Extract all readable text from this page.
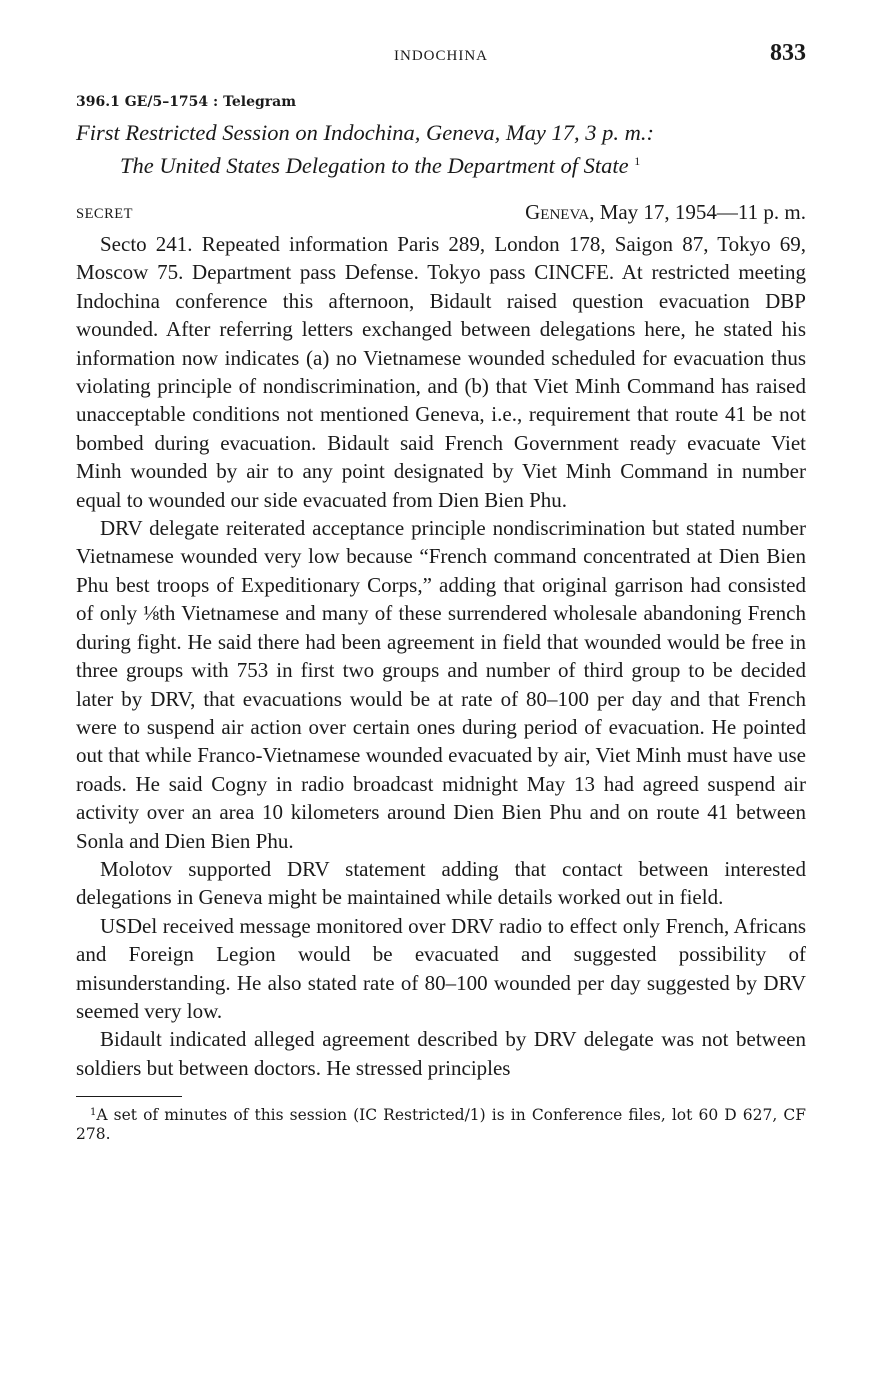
INDOCHINA	833
396.1 GE/5–1754 : Telegram
First Restricted Session on Indochina, Geneva, May 17, 3 p. m.:
The United States Delegation to the Department of State $^1$
SECRET	Geneva, May 17, 1954—11 p. m.

Secto 241. Repeated information Paris 289, London 178, Saigon 87, Tokyo 69, Moscow 75. Department pass Defense. Tokyo pass CINCFE. At restricted meeting Indochina conference this afternoon, Bidault raised question evacuation DBP wounded. After referring letters exchanged between delegations here, he stated his information now indicates (a) no Vietnamese wounded scheduled for evacuation thus violating principle of nondiscrimination, and (b) that Viet Minh Command has raised unacceptable conditions not mentioned Geneva, i.e., requirement that route 41 be not bombed during evacuation. Bidault said French Government ready evacuate Viet Minh wounded by air to any point designated by Viet Minh Command in number equal to wounded our side evacuated from Dien Bien Phu.

DRV delegate reiterated acceptance principle nondiscrimination but stated number Vietnamese wounded very low because “French command concentrated at Dien Bien Phu best troops of Expeditionary Corps,” adding that original garrison had consisted of only ⅛th Vietnamese and many of these surrendered wholesale abandoning French during fight. He said there had been agreement in field that wounded would be free in three groups with 753 in first two groups and number of third group to be decided later by DRV, that evacuations would be at rate of 80–100 per day and that French were to suspend air action over certain ones during period of evacuation. He pointed out that while Franco-Vietnamese wounded evacuated by air, Viet Minh must have use roads. He said Cogny in radio broadcast midnight May 13 had agreed suspend air activity over an area 10 kilometers around Dien Bien Phu and on route 41 between Sonla and Dien Bien Phu.

Molotov supported DRV statement adding that contact between interested delegations in Geneva might be maintained while details worked out in field.

USDel received message monitored over DRV radio to effect only French, Africans and Foreign Legion would be evacuated and suggested possibility of misunderstanding. He also stated rate of 80–100 wounded per day suggested by DRV seemed very low.

Bidault indicated alleged agreement described by DRV delegate was not between soldiers but between doctors. He stressed principles

$^1$A set of minutes of this session (IC Restricted/1) is in Conference files, lot 60 D 627, CF 278.
